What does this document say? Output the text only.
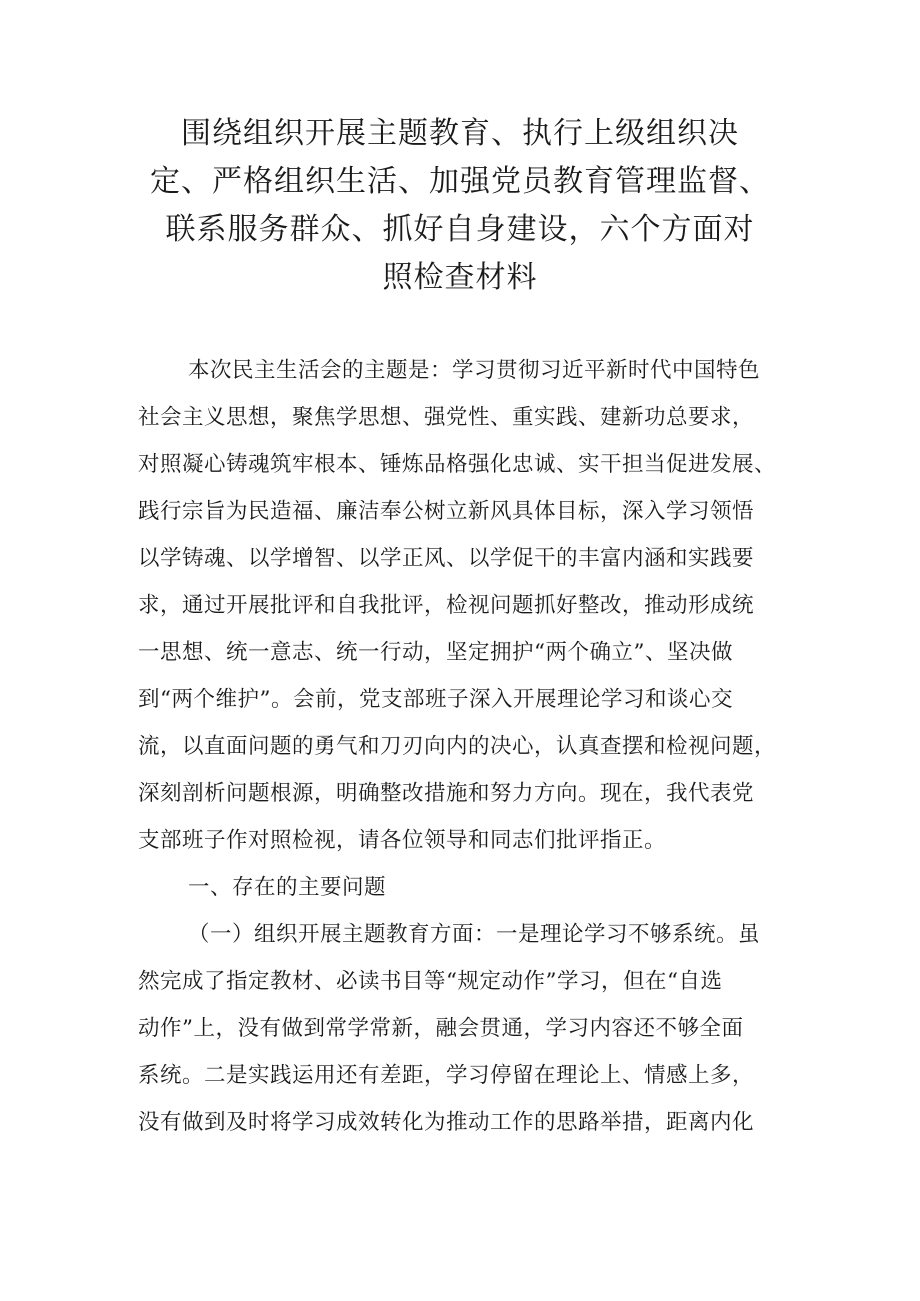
围绕组织开展主题教育、执行上级组织决
定、严格组织生活、加强党员教育管理监督、
联系服务群众、抓好自身建设，六个方面对
照检查材料
本次民主生活会的主题是：学习贯彻习近平新时代中国特色
社会主义思想，聚焦学思想、强党性、重实践、建新功总要求，
对照凝心铸魂筑牢根本、锤炼品格强化忠诚、实干担当促进发展、
践行宗旨为民造福、廉洁奉公树立新风具体目标，深入学习领悟
以学铸魂、以学增智、以学正风、以学促干的丰富内涵和实践要
求，通过开展批评和自我批评，检视问题抓好整改，推动形成统
一思想、统一意志、统一行动，坚定拥护“两个确立”、坚决做
到“两个维护”。会前，党支部班子深入开展理论学习和谈心交
流，以直面问题的勇气和刀刃向内的决心，认真查摆和检视问题，
深刻剖析问题根源，明确整改措施和努力方向。现在，我代表党
支部班子作对照检视，请各位领导和同志们批评指正。
一、存在的主要问题
（一）组织开展主题教育方面：一是理论学习不够系统。虽
然完成了指定教材、必读书目等“规定动作”学习，但在“自选
动作”上，没有做到常学常新，融会贯通，学习内容还不够全面
系统。二是实践运用还有差距，学习停留在理论上、情感上多，
没有做到及时将学习成效转化为推动工作的思路举措，距离内化
